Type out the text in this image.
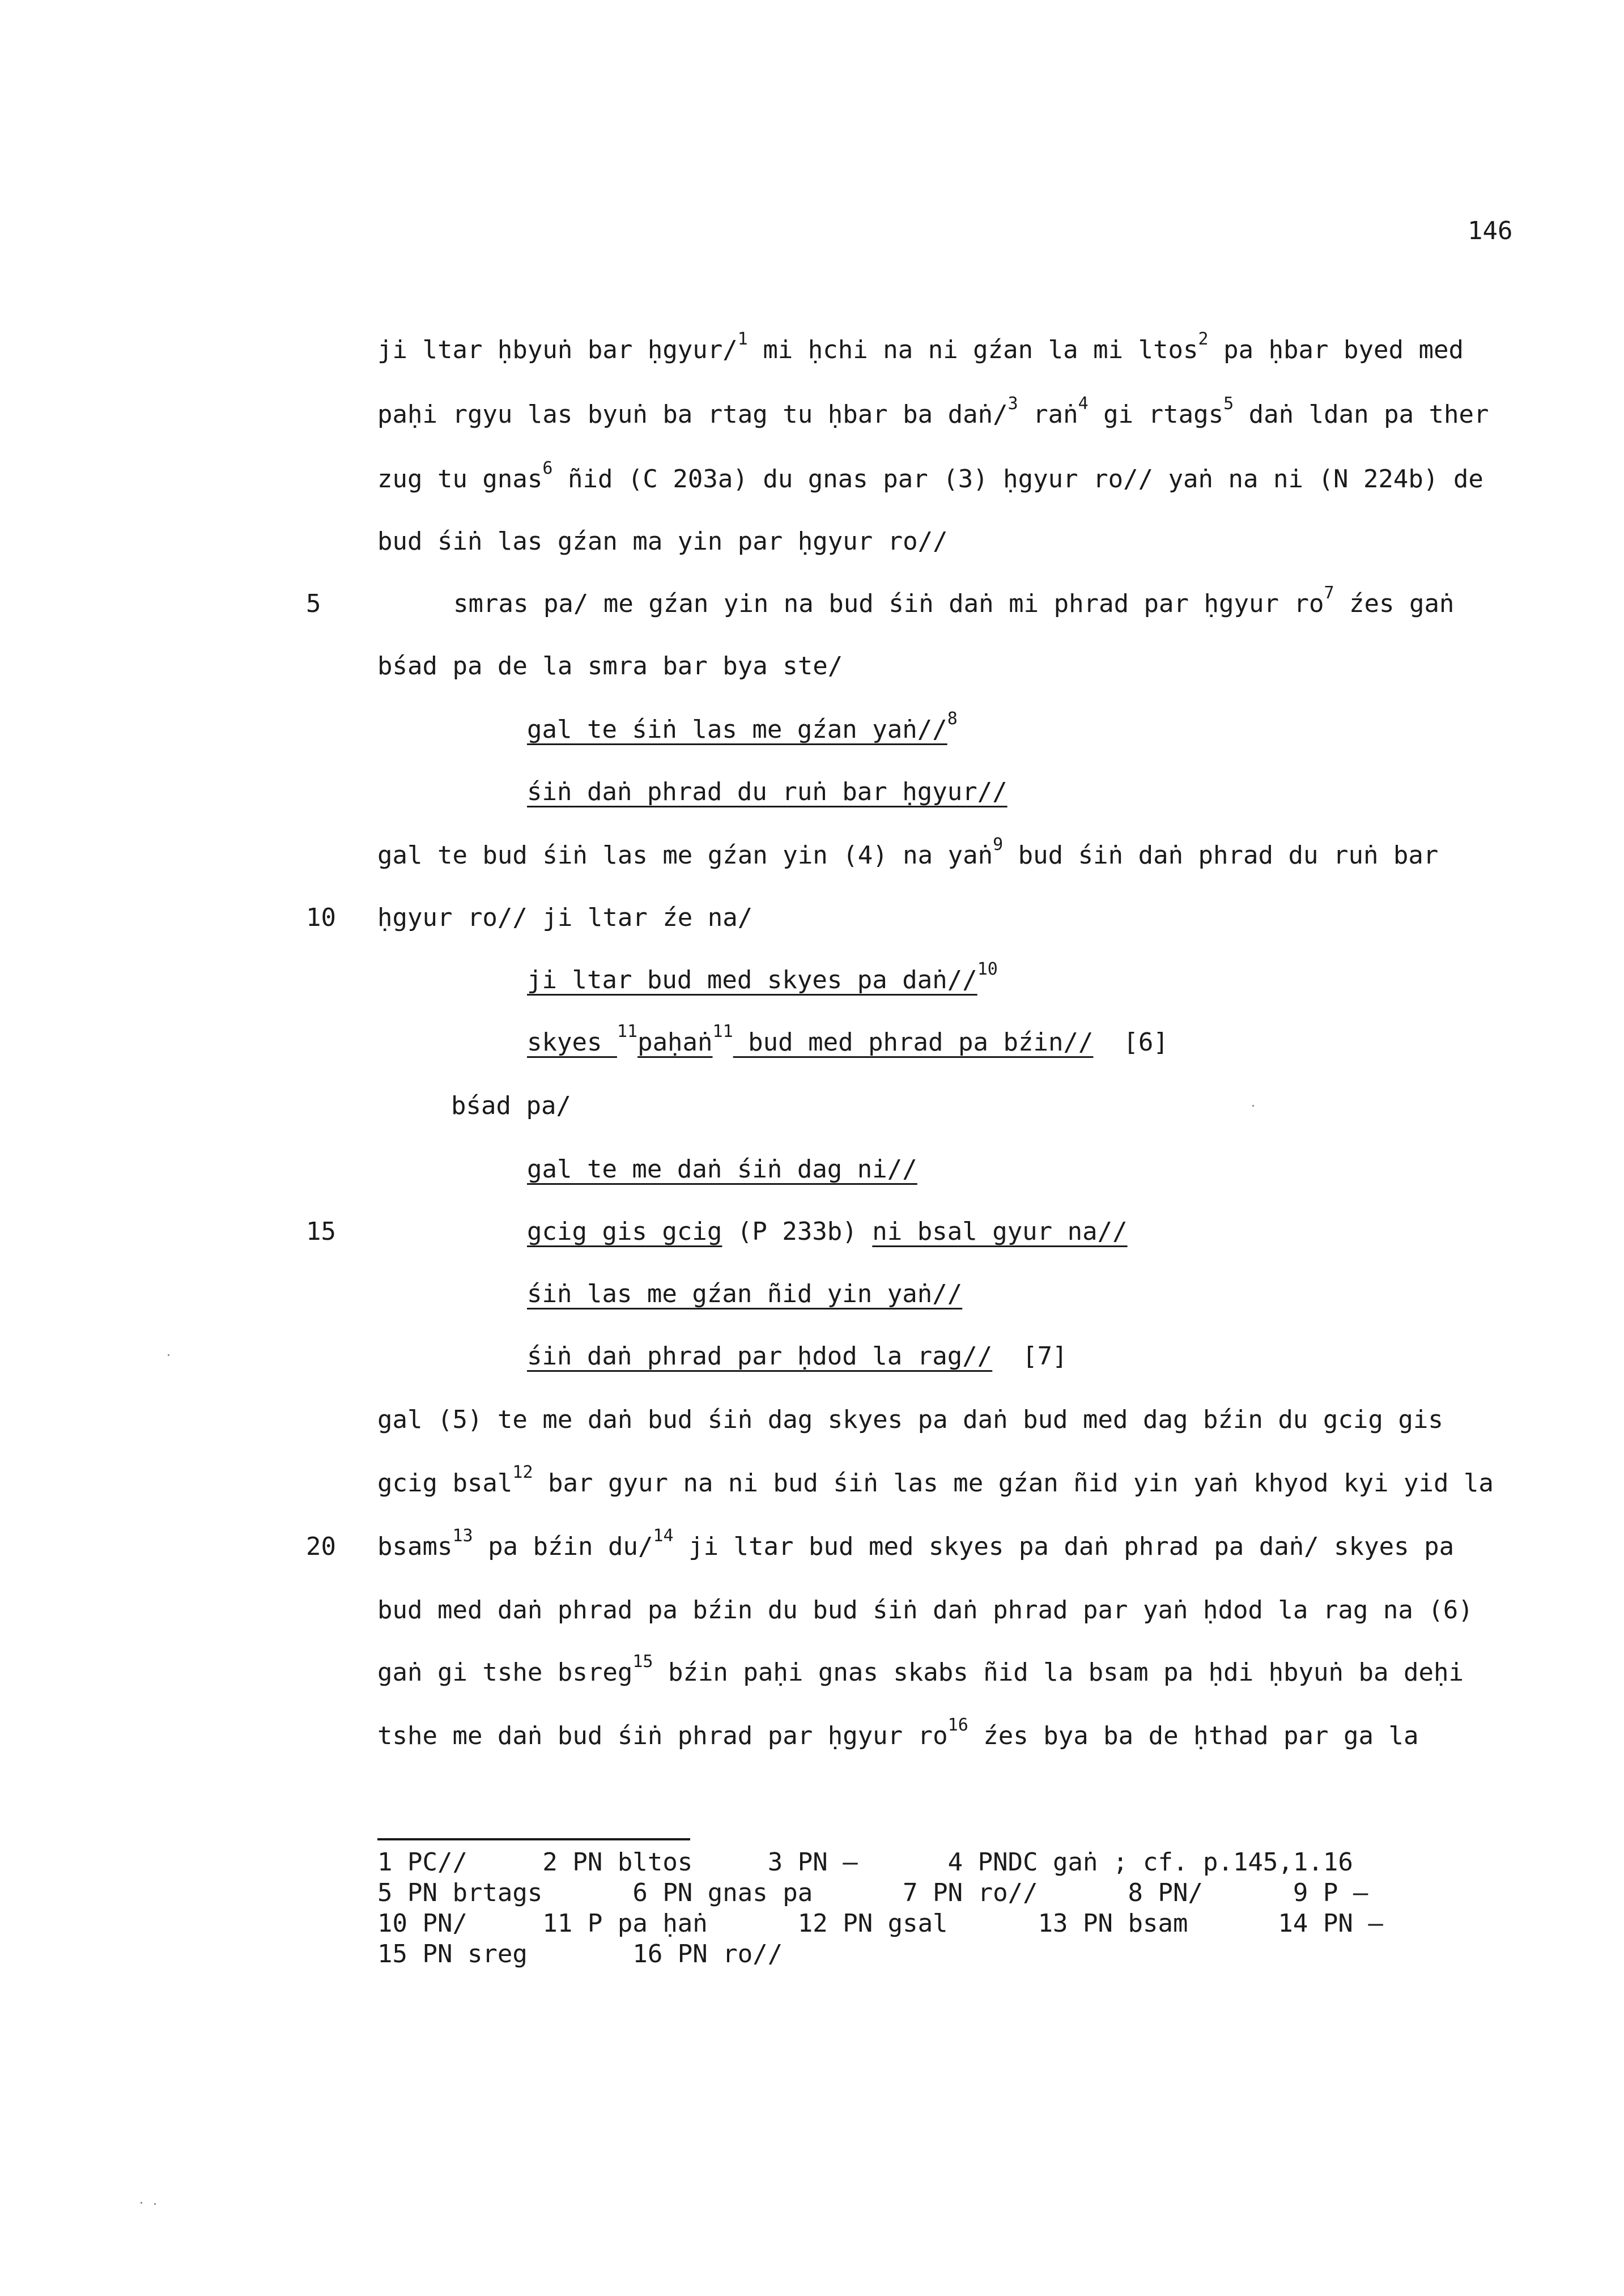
146
ji ltar ḥbyuṅ bar ḥgyur/$^1$ mi ḥchi na ni gźan la mi ltos$^2$ pa ḥbar byed med
paḥi rgyu las byuṅ ba rtag tu ḥbar ba daṅ/$^3$ raṅ$^4$ gi rtags$^5$ daṅ ldan pa ther
zug tu gnas$^6$ ñid (C 203a) du gnas par (3) ḥgyur ro// yaṅ na ni (N 224b) de
bud śiṅ las gźan ma yin par ḥgyur ro//
5	smras pa/ me gźan yin na bud śiṅ daṅ mi phrad par ḥgyur $ro^7$ źes gaṅ
bśad pa de la smra bar bya ste/
gal te śiṅ las me gźan yaṅ//$^8$
śiṅ daṅ phrad du ruṅ bar ḥgyur//
gal te bud śiṅ las me gźan yin (4) na yaṅ$^9$ bud śiṅ daṅ phrad du ruṅ bar
10 ḥgyur ro// ji ltar źe na/
ji ltar bud med skyes pa daṅ//$^{10}$
skyes $^{11}$paḥaṅ$^{11}$ bud med phrad pa bźin//  [6]
bśad pa/
gal te me daṅ śiṅ dag ni//
15	gcig gis gcig (P 233b) ni bsal gyur na//
śiṅ las me gźan ñid yin yaṅ//
śiṅ daṅ phrad par ḥdod la rag//  [7]
gal (5) te me daṅ bud śiṅ dag skyes pa daṅ bud med dag bźin du gcig gis
gcig bsal$^{12}$ bar gyur na ni bud śiṅ las me gźan ñid yin yaṅ khyod kyi yid la
20 bsams$^{13}$ pa bźin du/$^{14}$ ji ltar bud med skyes pa daṅ phrad pa daṅ/ skyes pa
bud med daṅ phrad pa bźin du bud śiṅ daṅ phrad par yaṅ ḥdod la rag na (6)
gaṅ gi tshe bsreg$^{15}$ bźin paḥi gnas skabs ñid la bsam pa ḥdi ḥbyuṅ ba deḥi
tshe me daṅ bud śiṅ phrad par ḥgyur $ro^{16}$ źes bya ba de ḥthad par ga la
1 PC//     2 PN bltos     3 PN —      4 PNDC gaṅ ; cf. p.145,1.16
5 PN brtags      6 PN gnas pa      7 PN ro//      8 PN/      9 P —
10 PN/     11 P pa ḥaṅ      12 PN gsal      13 PN bsam      14 PN —
15 PN sreg       16 PN ro//
